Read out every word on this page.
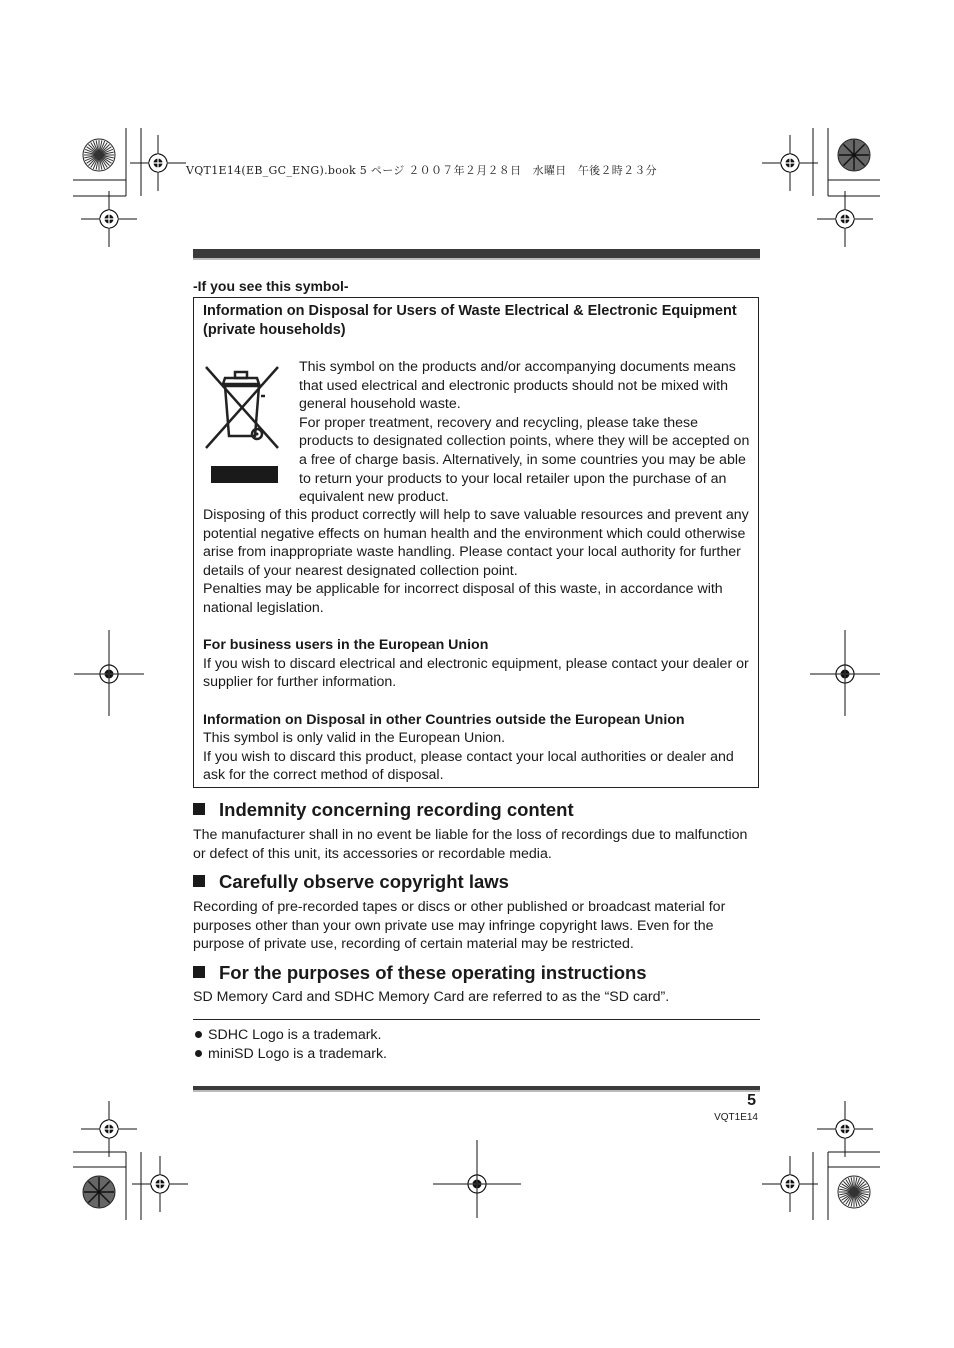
VQT1E14(EB_GC_ENG).book 5 ページ ２００７年２月２８日　水曜日　午後２時２３分
-If you see this symbol-
Information on Disposal for Users of Waste Electrical & Electronic Equipment (private households)
This symbol on the products and/or accompanying documents means that used electrical and electronic products should not be mixed with general household waste.
For proper treatment, recovery and recycling, please take these products to designated collection points, where they will be accepted on a free of charge basis. Alternatively, in some countries you may be able to return your products to your local retailer upon the purchase of an equivalent new product.
Disposing of this product correctly will help to save valuable resources and prevent any potential negative effects on human health and the environment which could otherwise arise from inappropriate waste handling. Please contact your local authority for further details of your nearest designated collection point.
Penalties may be applicable for incorrect disposal of this waste, in accordance with national legislation.
For business users in the European Union
If you wish to discard electrical and electronic equipment, please contact your dealer or supplier for further information.
Information on Disposal in other Countries outside the European Union
This symbol is only valid in the European Union.
If you wish to discard this product, please contact your local authorities or dealer and ask for the correct method of disposal.
Indemnity concerning recording content
The manufacturer shall in no event be liable for the loss of recordings due to malfunction or defect of this unit, its accessories or recordable media.
Carefully observe copyright laws
Recording of pre-recorded tapes or discs or other published or broadcast material for purposes other than your own private use may infringe copyright laws. Even for the purpose of private use, recording of certain material may be restricted.
For the purposes of these operating instructions
SD Memory Card and SDHC Memory Card are referred to as the “SD card”.
SDHC Logo is a trademark.
miniSD Logo is a trademark.
5
VQT1E14
